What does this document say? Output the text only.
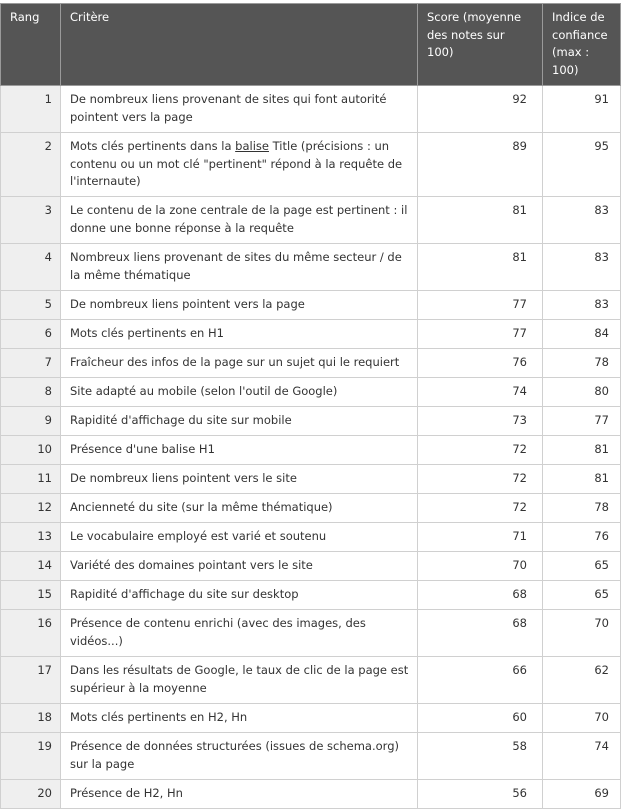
Rang	Critère	Score (moyenne des notes sur 100)	Indice de confiance (max : 100)
1	De nombreux liens provenant de sites qui font autorité pointent vers la page	92	91
2	Mots clés pertinents dans la balise Title (précisions : un contenu ou un mot clé "pertinent" répond à la requête de l'internaute)	89	95
3	Le contenu de la zone centrale de la page est pertinent : il donne une bonne réponse à la requête	81	83
4	Nombreux liens provenant de sites du même secteur / de la même thématique	81	83
5	De nombreux liens pointent vers la page	77	83
6	Mots clés pertinents en H1	77	84
7	Fraîcheur des infos de la page sur un sujet qui le requiert	76	78
8	Site adapté au mobile (selon l'outil de Google)	74	80
9	Rapidité d'affichage du site sur mobile	73	77
10	Présence d'une balise H1	72	81
11	De nombreux liens pointent vers le site	72	81
12	Ancienneté du site (sur la même thématique)	72	78
13	Le vocabulaire employé est varié et soutenu	71	76
14	Variété des domaines pointant vers le site	70	65
15	Rapidité d'affichage du site sur desktop	68	65
16	Présence de contenu enrichi (avec des images, des vidéos...)	68	70
17	Dans les résultats de Google, le taux de clic de la page est supérieur à la moyenne	66	62
18	Mots clés pertinents en H2, Hn	60	70
19	Présence de données structurées (issues de schema.org) sur la page	58	74
20	Présence de H2, Hn	56	69
